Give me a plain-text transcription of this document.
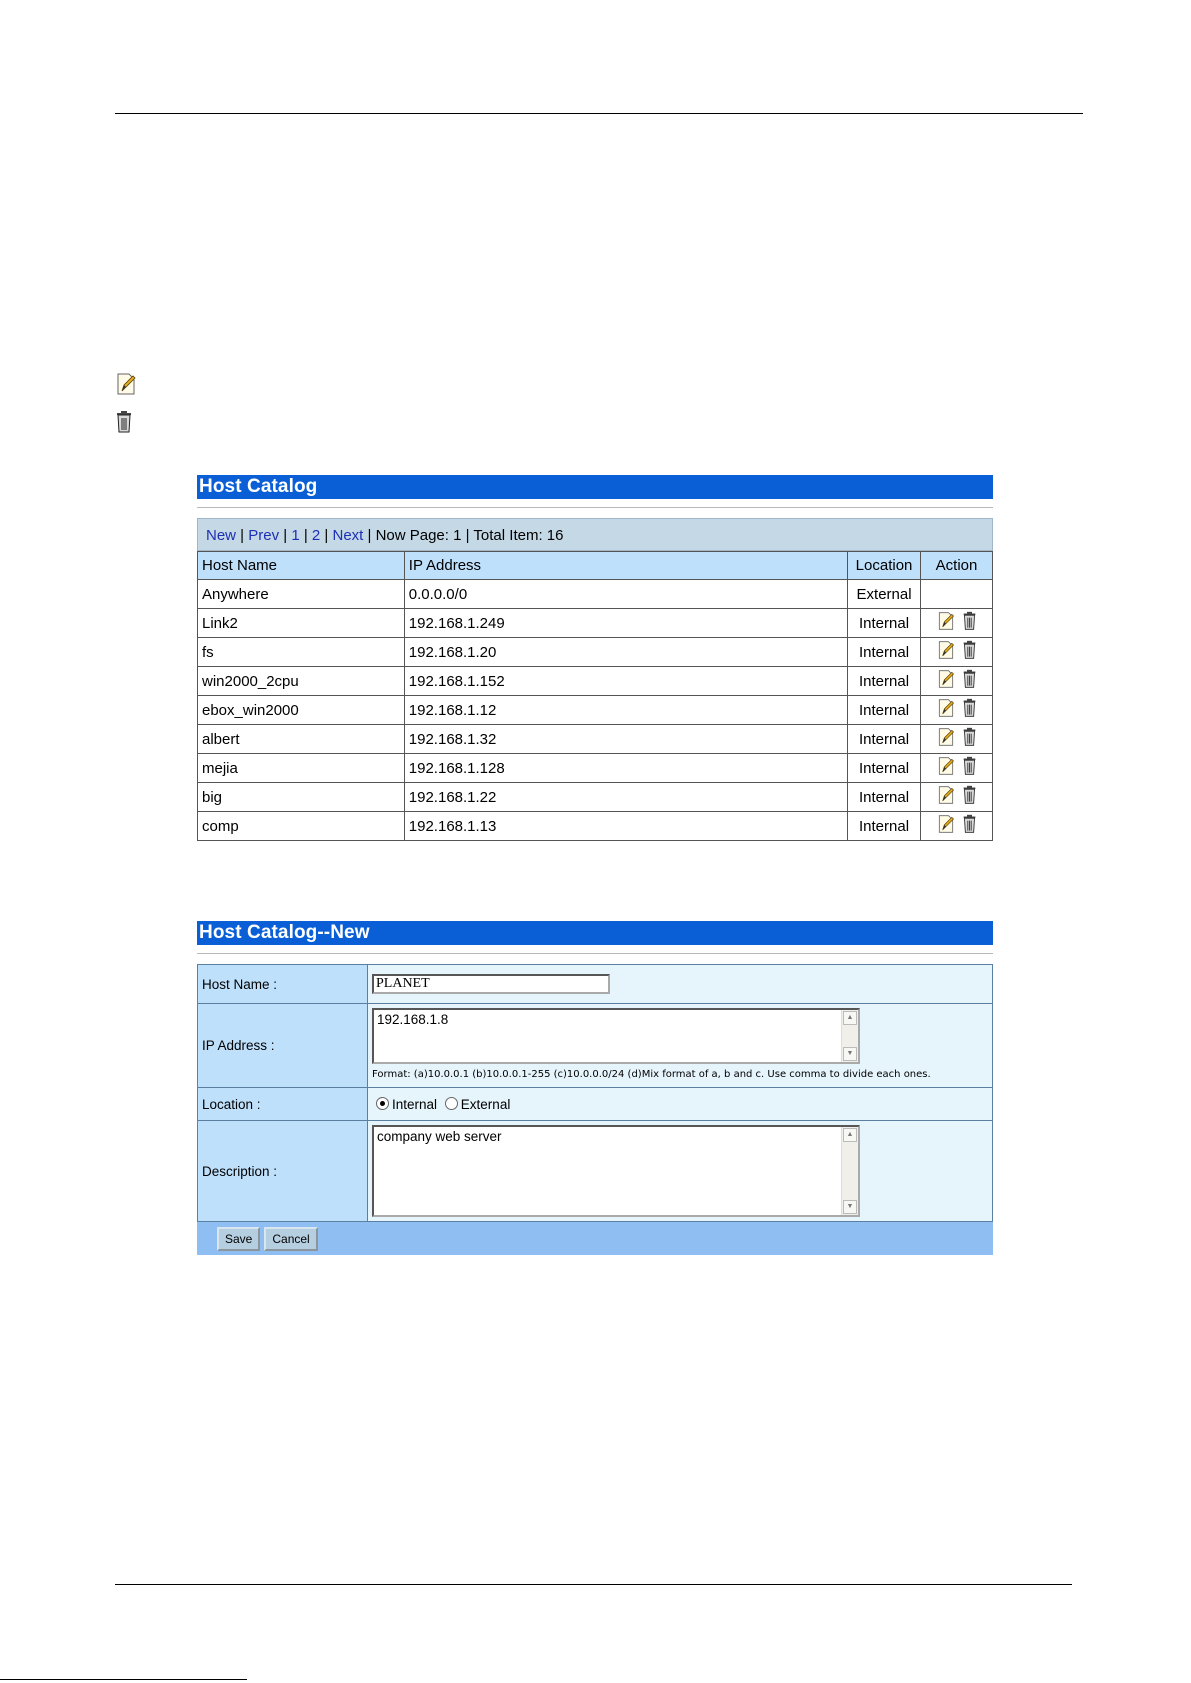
Host Catalog
New | Prev | 1 | 2 | Next | Now Page: 1 | Total Item: 16
Host Name	IP Address	Location	Action
Anywhere	0.0.0.0/0	External	
Link2	192.168.1.249	Internal	
fs	192.168.1.20	Internal	
win2000_2cpu	192.168.1.152	Internal	
ebox_win2000	192.168.1.12	Internal	
albert	192.168.1.32	Internal	
mejia	192.168.1.128	Internal	
big	192.168.1.22	Internal	
comp	192.168.1.13	Internal	
Host Catalog--New
Host Name :	PLANET

IP Address :	192.168.1.8 ▲
▼
Format: (a)10.0.0.1 (b)10.0.0.1-255 (c)10.0.0.0/24 (d)Mix format of a, b and c. Use comma to divide each ones.

Location :	Internal External
Description :	company web server ▲
▼
Save	Cancel
